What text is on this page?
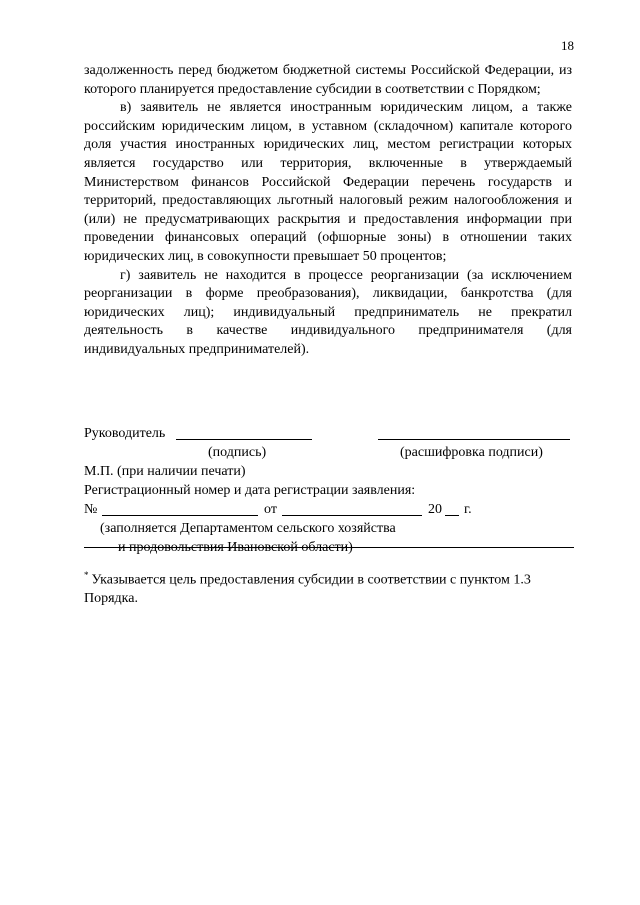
18

задолженность перед бюджетом бюджетной системы Российской Федерации, из которого планируется предоставление субсидии в соответствии с Порядком;

в) заявитель не является иностранным юридическим лицом, а также российским юридическим лицом, в уставном (складочном) капитале которого доля участия иностранных юридических лиц, местом регистрации которых является государство или территория, включенные в утверждаемый Министерством финансов Российской Федерации перечень государств и территорий, предоставляющих льготный налоговый режим налогообложения и (или) не предусматривающих раскрытия и предоставления информации при проведении финансовых операций (офшорные зоны) в отношении таких юридических лиц, в совокупности превышает 50 процентов;

г) заявитель не находится в процессе реорганизации (за исключением реорганизации в форме преобразования), ликвидации, банкротства (для юридических лиц); индивидуальный предприниматель не прекратил деятельность в качестве индивидуального предпринимателя (для индивидуальных предпринимателей).

Руководитель
(подпись)	(расшифровка подписи)
М.П. (при наличии печати)
Регистрационный номер и дата регистрации заявления:
№	от	20 г.
(заполняется Департаментом сельского хозяйства
и продовольствия Ивановской области)
* Указывается цель предоставления субсидии в соответствии с пунктом 1.3 Порядка.
